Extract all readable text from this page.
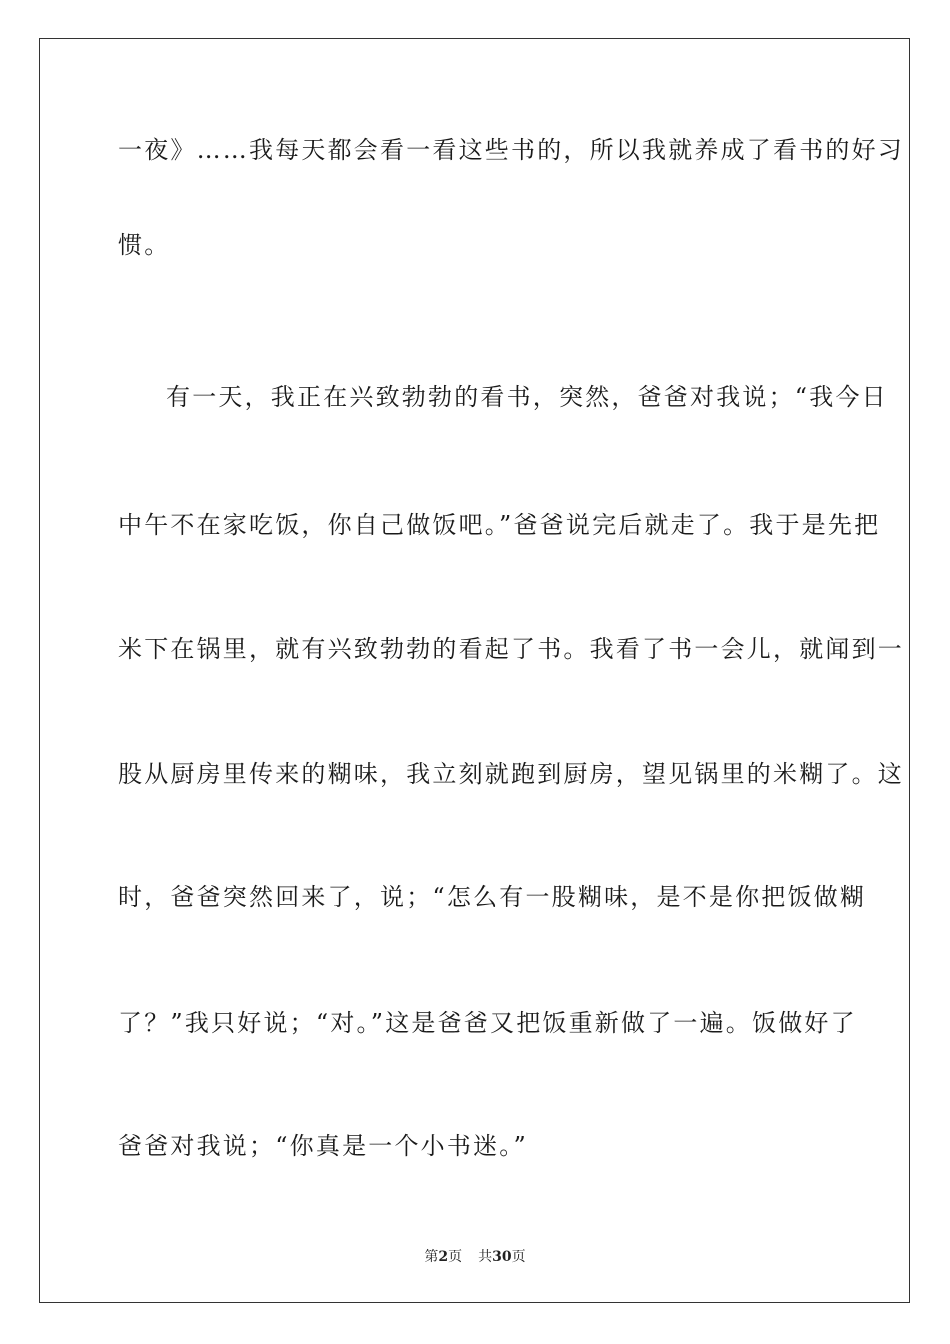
一夜》……我每天都会看一看这些书的，所以我就养成了看书的好习
惯。
有一天，我正在兴致勃勃的看书，突然，爸爸对我说；“我今日
中午不在家吃饭，你自己做饭吧。”爸爸说完后就走了。我于是先把
米下在锅里，就有兴致勃勃的看起了书。我看了书一会儿，就闻到一
股从厨房里传来的糊味，我立刻就跑到厨房，望见锅里的米糊了。这
时，爸爸突然回来了，说；“怎么有一股糊味，是不是你把饭做糊
了？”我只好说；“对。”这是爸爸又把饭重新做了一遍。饭做好了
爸爸对我说；“你真是一个小书迷。”
第2页 共30页
